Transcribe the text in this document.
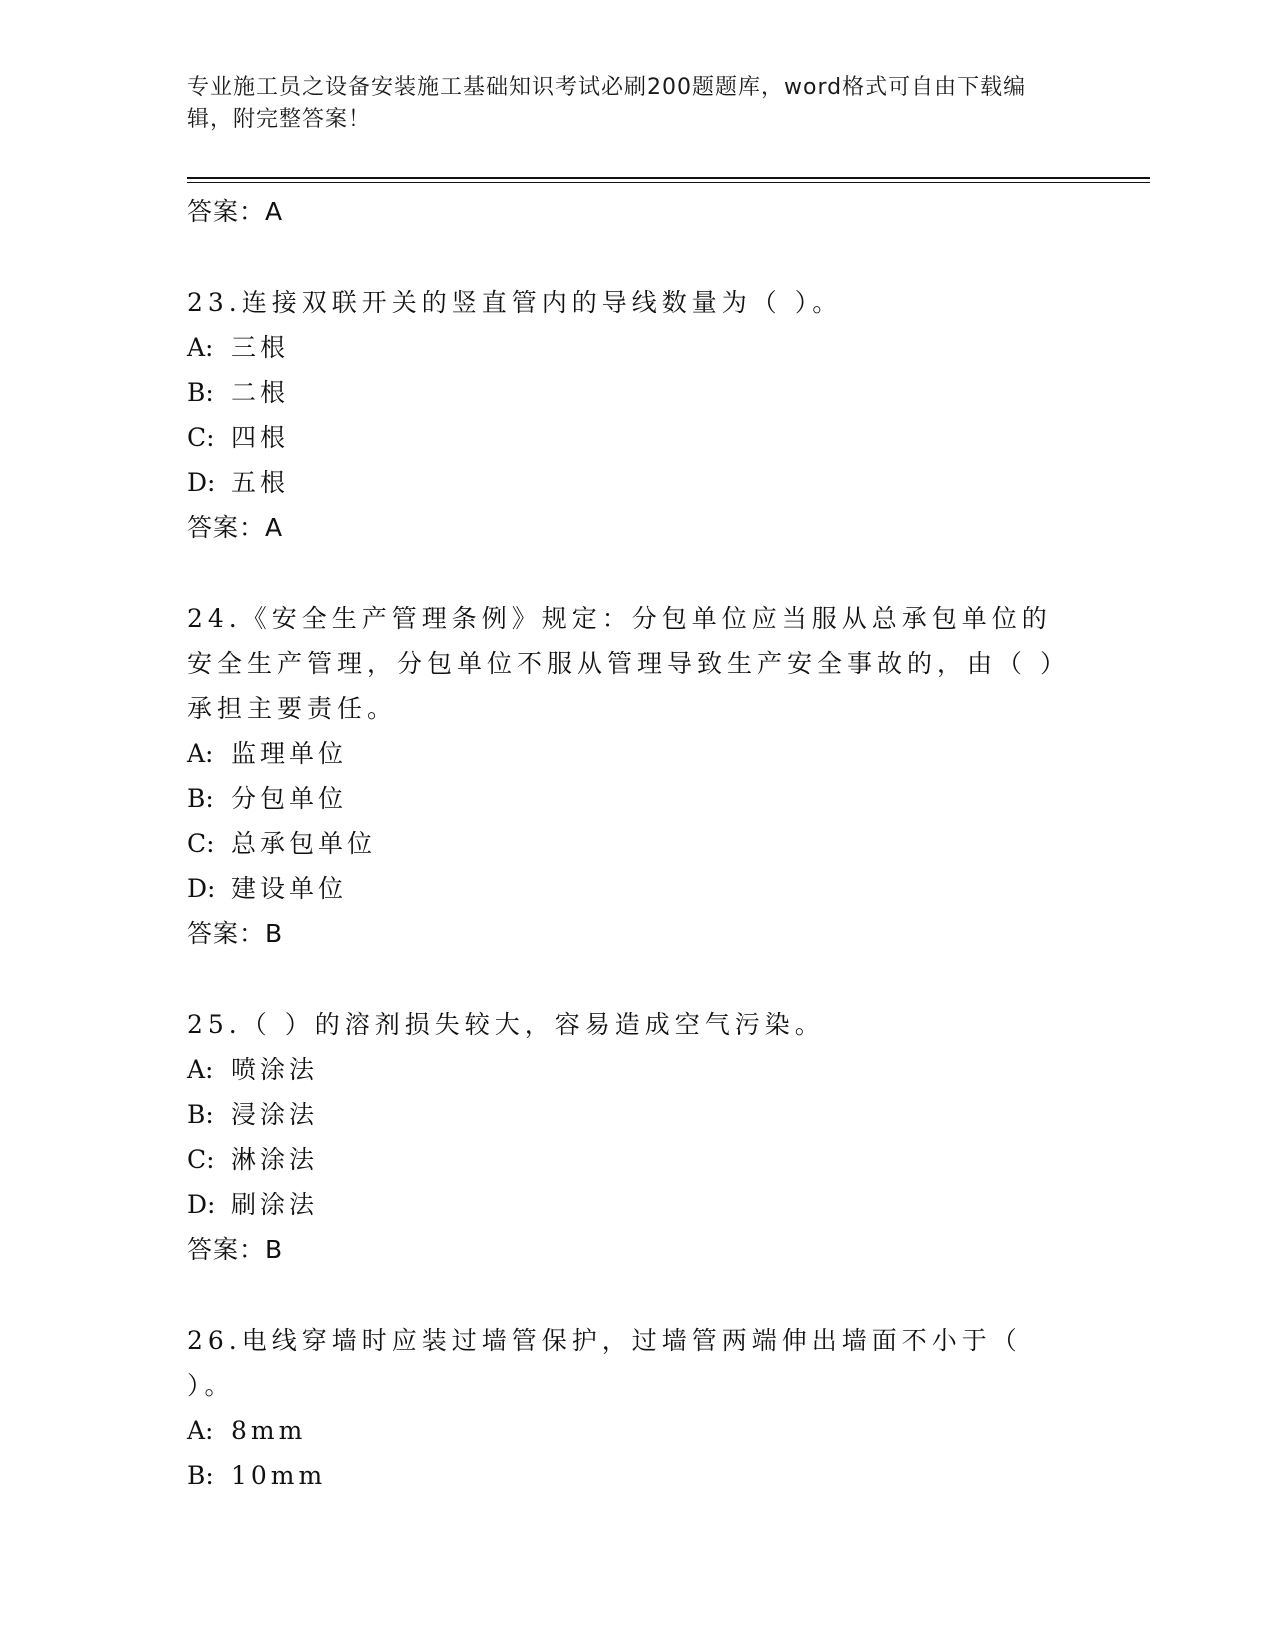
专业施工员之设备安装施工基础知识考试必刷200题题库，word格式可自由下载编辑，附完整答案！
答案：A
23.连接双联开关的竖直管内的导线数量为（ ）。
A: 三根
B: 二根
C: 四根
D: 五根
答案：A
24.《安全生产管理条例》规定：分包单位应当服从总承包单位的安全生产管理，分包单位不服从管理导致生产安全事故的，由（ ）承担主要责任。
A: 监理单位
B: 分包单位
C: 总承包单位
D: 建设单位
答案：B
25.（ ）的溶剂损失较大，容易造成空气污染。
A: 喷涂法
B: 浸涂法
C: 淋涂法
D: 刷涂法
答案：B
26.电线穿墙时应装过墙管保护，过墙管两端伸出墙面不小于（ ）。
A: 8mm
B: 10mm
